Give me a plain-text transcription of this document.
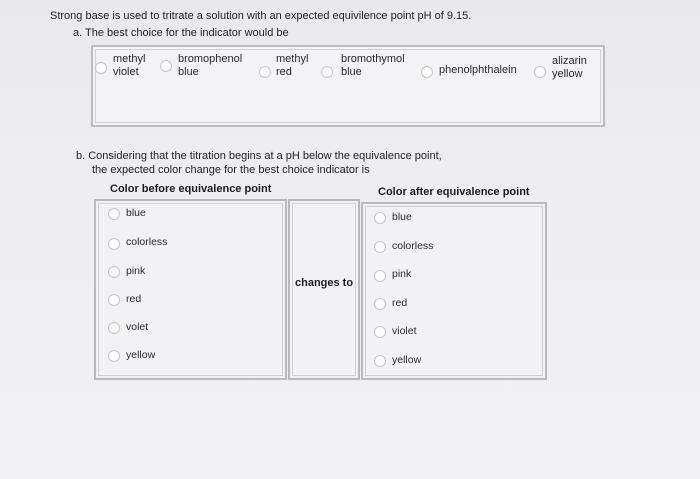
Strong base is used to tritrate a solution with an expected equivilence point pH of 9.15.
a. The best choice for the indicator would be
methyl
violet
bromophenol
blue
methyl
red
bromothymol
blue	phenolphthalein
alizarin
yellow
b. Considering that the titration begins at a pH below the equivalence point,
the expected color change for the best choice indicator is
Color before equivalence point	Color after equivalence point
changes to
blue
colorless
pink
red
volet
yellow
blue
colorless
pink
red
violet
yellow
